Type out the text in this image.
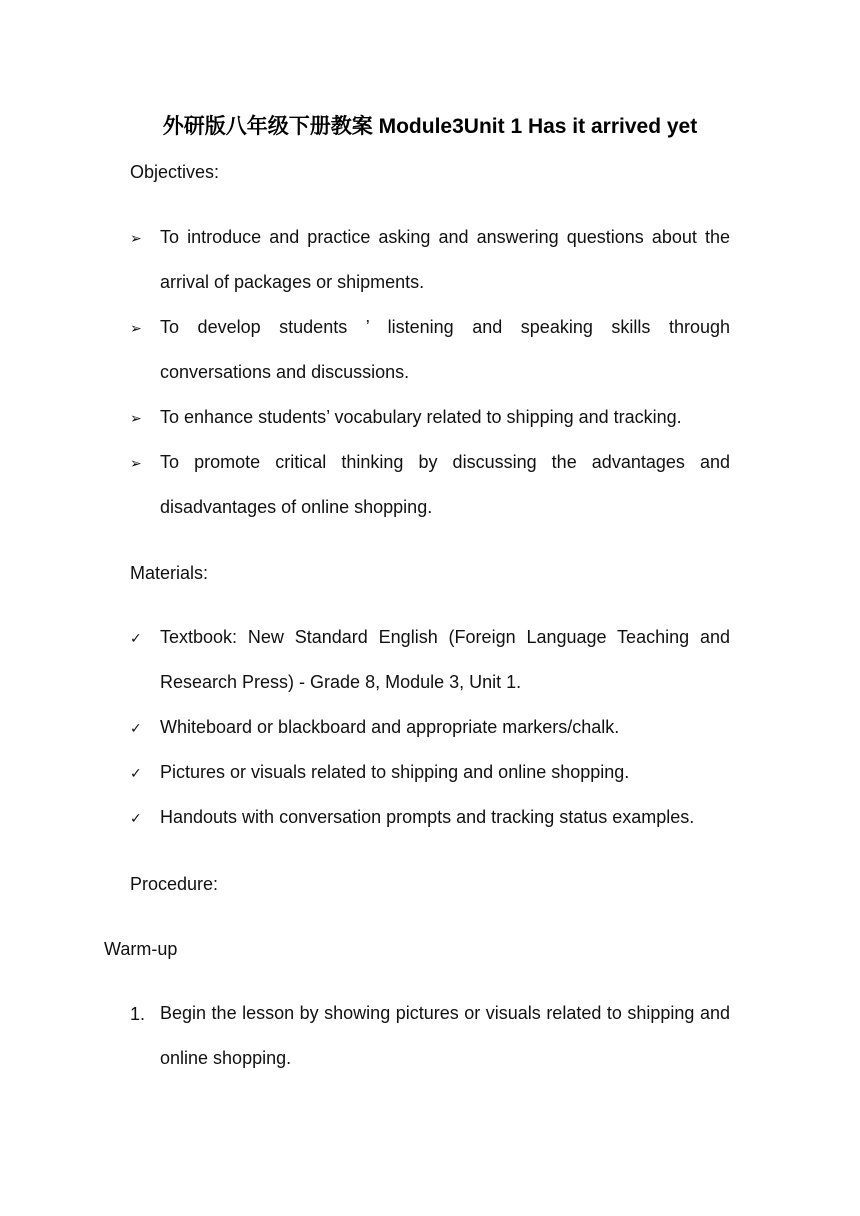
外研版八年级下册教案 Module3Unit 1 Has it arrived yet
Objectives:
➢	To introduce and practice asking and answering questions about the arrival of packages or shipments.
➢	To develop students ’ listening and speaking skills through conversations and discussions.
➢	To enhance students’ vocabulary related to shipping and tracking.
➢	To promote critical thinking by discussing the advantages and disadvantages of online shopping.
Materials:
✓	Textbook: New Standard English (Foreign Language Teaching and Research Press) - Grade 8, Module 3, Unit 1.
✓	Whiteboard or blackboard and appropriate markers/chalk.
✓	Pictures or visuals related to shipping and online shopping.
✓	Handouts with conversation prompts and tracking status examples.
Procedure:
Warm-up
1. Begin the lesson by showing pictures or visuals related to shipping and online shopping.
